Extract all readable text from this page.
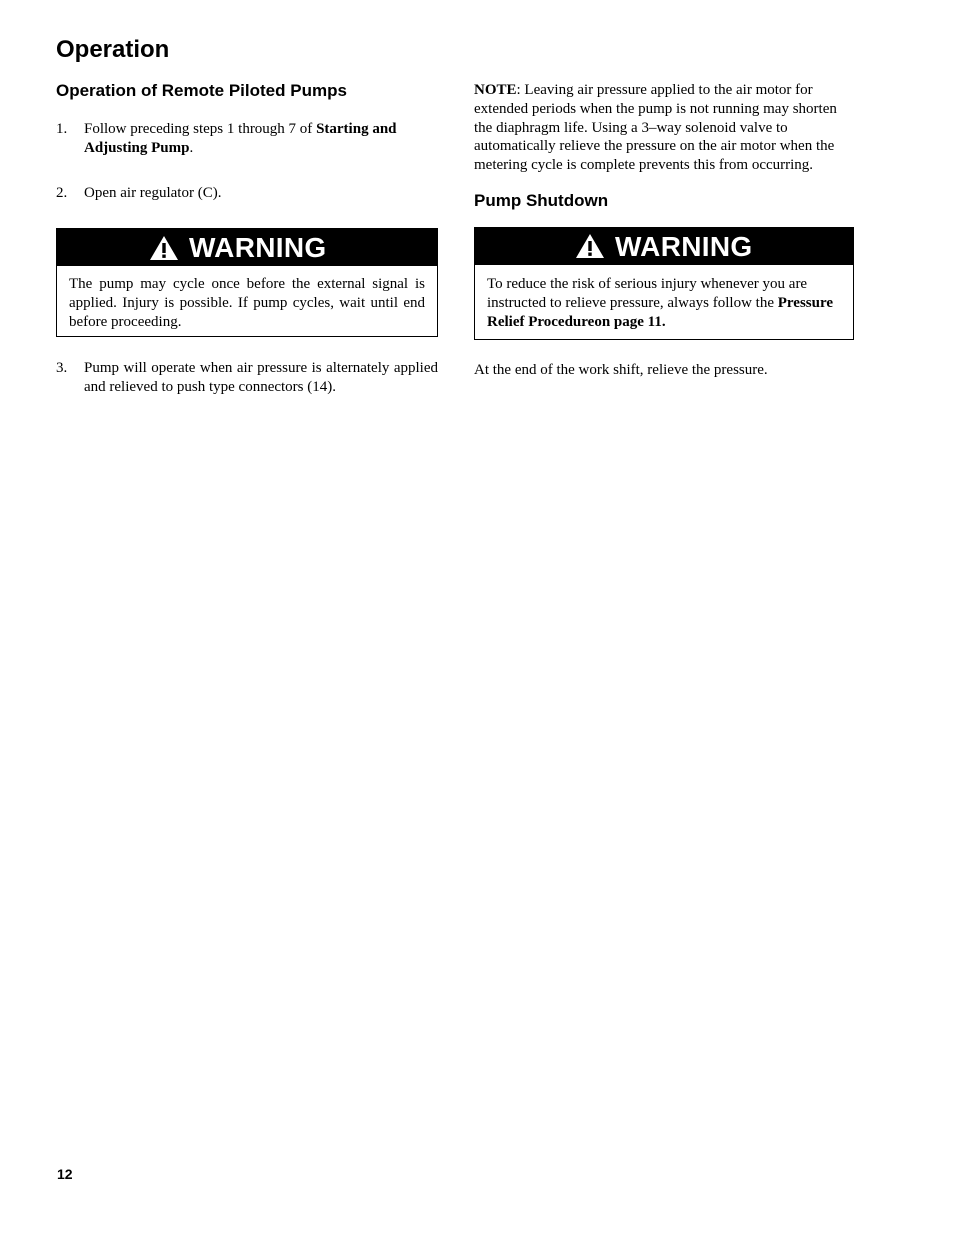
Operation
Operation of Remote Piloted Pumps
1.	Follow preceding steps 1 through 7 of Starting and Adjusting Pump.
2.	Open air regulator (C).
WARNING
The pump may cycle once before the external signal is applied. Injury is possible. If pump cycles, wait until end before proceeding.
3.	Pump will operate when air pressure is alternately applied and relieved to push type connectors (14).
NOTE: Leaving air pressure applied to the air motor for extended periods when the pump is not running may shorten the diaphragm life. Using a 3–way solenoid valve to automatically relieve the pressure on the air motor when the metering cycle is complete prevents this from occurring.
Pump Shutdown
WARNING
To reduce the risk of serious injury whenever you are instructed to relieve pressure, always follow the Pressure Relief Procedureon page 11.
At the end of the work shift, relieve the pressure.
12
